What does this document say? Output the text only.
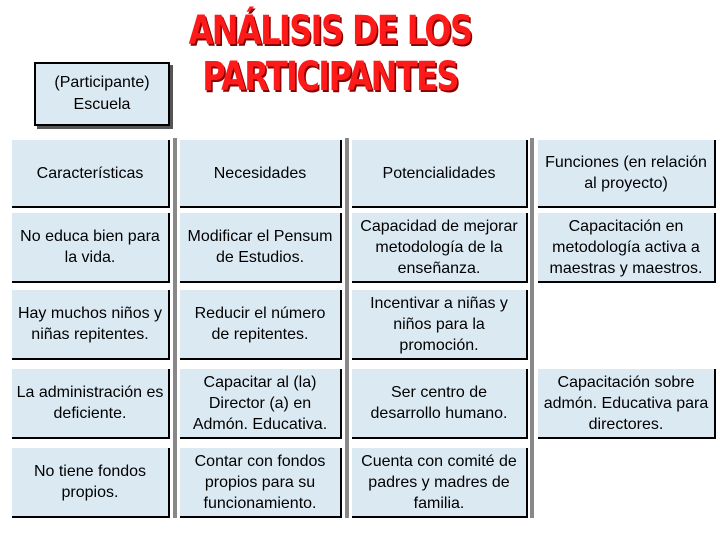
ANÁLISIS DE LOS PARTICIPANTES
(Participante)
Escuela
Características	Necesidades	Potencialidades
Funciones (en relación al proyecto)
No educa bien para la vida.
Modificar el Pensum de Estudios.
Capacidad de mejorar metodología de la enseñanza.
Capacitación en metodología activa a maestras y maestros.
Hay muchos niños y niñas repitentes.
Reducir el número de repitentes.
Incentivar a niñas y niños para la promoción.
La administración es deficiente.
Capacitar al (la) Director (a) en Admón. Educativa.
Ser centro de desarrollo humano.
Capacitación sobre admón. Educativa para directores.
No tiene fondos propios.
Contar con fondos propios para su funcionamiento.
Cuenta con comité de padres y madres de familia.
